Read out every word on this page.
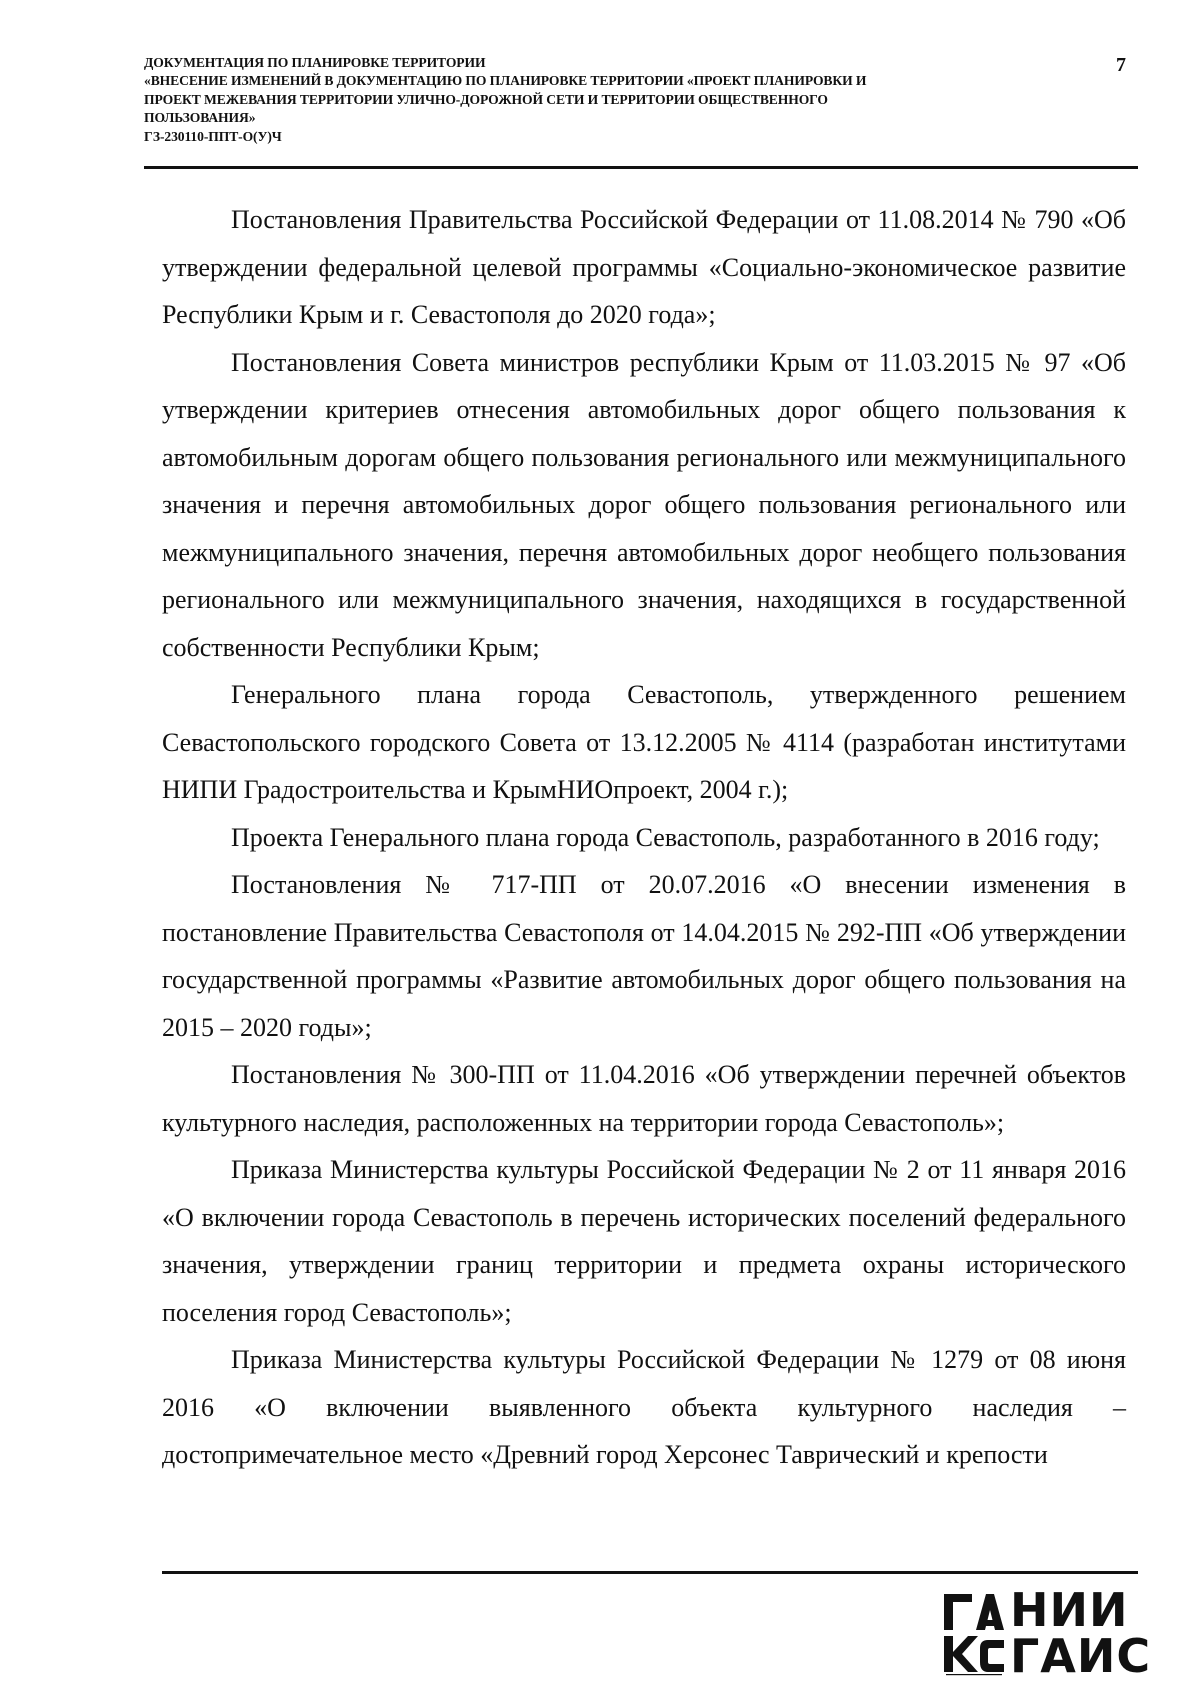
ДОКУМЕНТАЦИЯ ПО ПЛАНИРОВКЕ ТЕРРИТОРИИ
«ВНЕСЕНИЕ ИЗМЕНЕНИЙ В ДОКУМЕНТАЦИЮ ПО ПЛАНИРОВКЕ ТЕРРИТОРИИ «ПРОЕКТ ПЛАНИРОВКИ И
ПРОЕКТ МЕЖЕВАНИЯ ТЕРРИТОРИИ УЛИЧНО-ДОРОЖНОЙ СЕТИ И ТЕРРИТОРИИ ОБЩЕСТВЕННОГО
ПОЛЬЗОВАНИЯ»
ГЗ-230110-ППТ-О(У)Ч
7

Постановления Правительства Российской Федерации от 11.08.2014 № 790 «Об утверждении федеральной целевой программы «Социально-экономическое развитие Республики Крым и г. Севастополя до 2020 года»;

Постановления Совета министров республики Крым от 11.03.2015 № 97 «Об утверждении критериев отнесения автомобильных дорог общего пользования к автомобильным дорогам общего пользования регионального или межмуниципального значения и перечня автомобильных дорог общего пользования регионального или межмуниципального значения, перечня автомобильных дорог необщего пользования регионального или межмуниципального значения, находящихся в государственной собственности Республики Крым;

Генерального плана города Севастополь, утвержденного решением Севастопольского городского Совета от 13.12.2005 № 4114 (разработан институтами НИПИ Градостроительства и КрымНИОпроект, 2004 г.);

Проекта Генерального плана города Севастополь, разработанного в 2016 году;

Постановления № 717-ПП от 20.07.2016 «О внесении изменения в постановление Правительства Севастополя от 14.04.2015 № 292-ПП «Об утверждении государственной программы «Развитие автомобильных дорог общего пользования на 2015 – 2020 годы»;

Постановления № 300-ПП от 11.04.2016 «Об утверждении перечней объектов культурного наследия, расположенных на территории города Севастополь»;

Приказа Министерства культуры Российской Федерации № 2 от 11 января 2016 «О включении города Севастополь в перечень исторических поселений федерального значения, утверждении границ территории и предмета охраны исторического поселения город Севастополь»;

Приказа Министерства культуры Российской Федерации № 1279 от 08 июня 2016 «О включении выявленного объекта культурного наследия – достопримечательное место «Древний город Херсонес Таврический и крепости

НИИ
ГАИС
